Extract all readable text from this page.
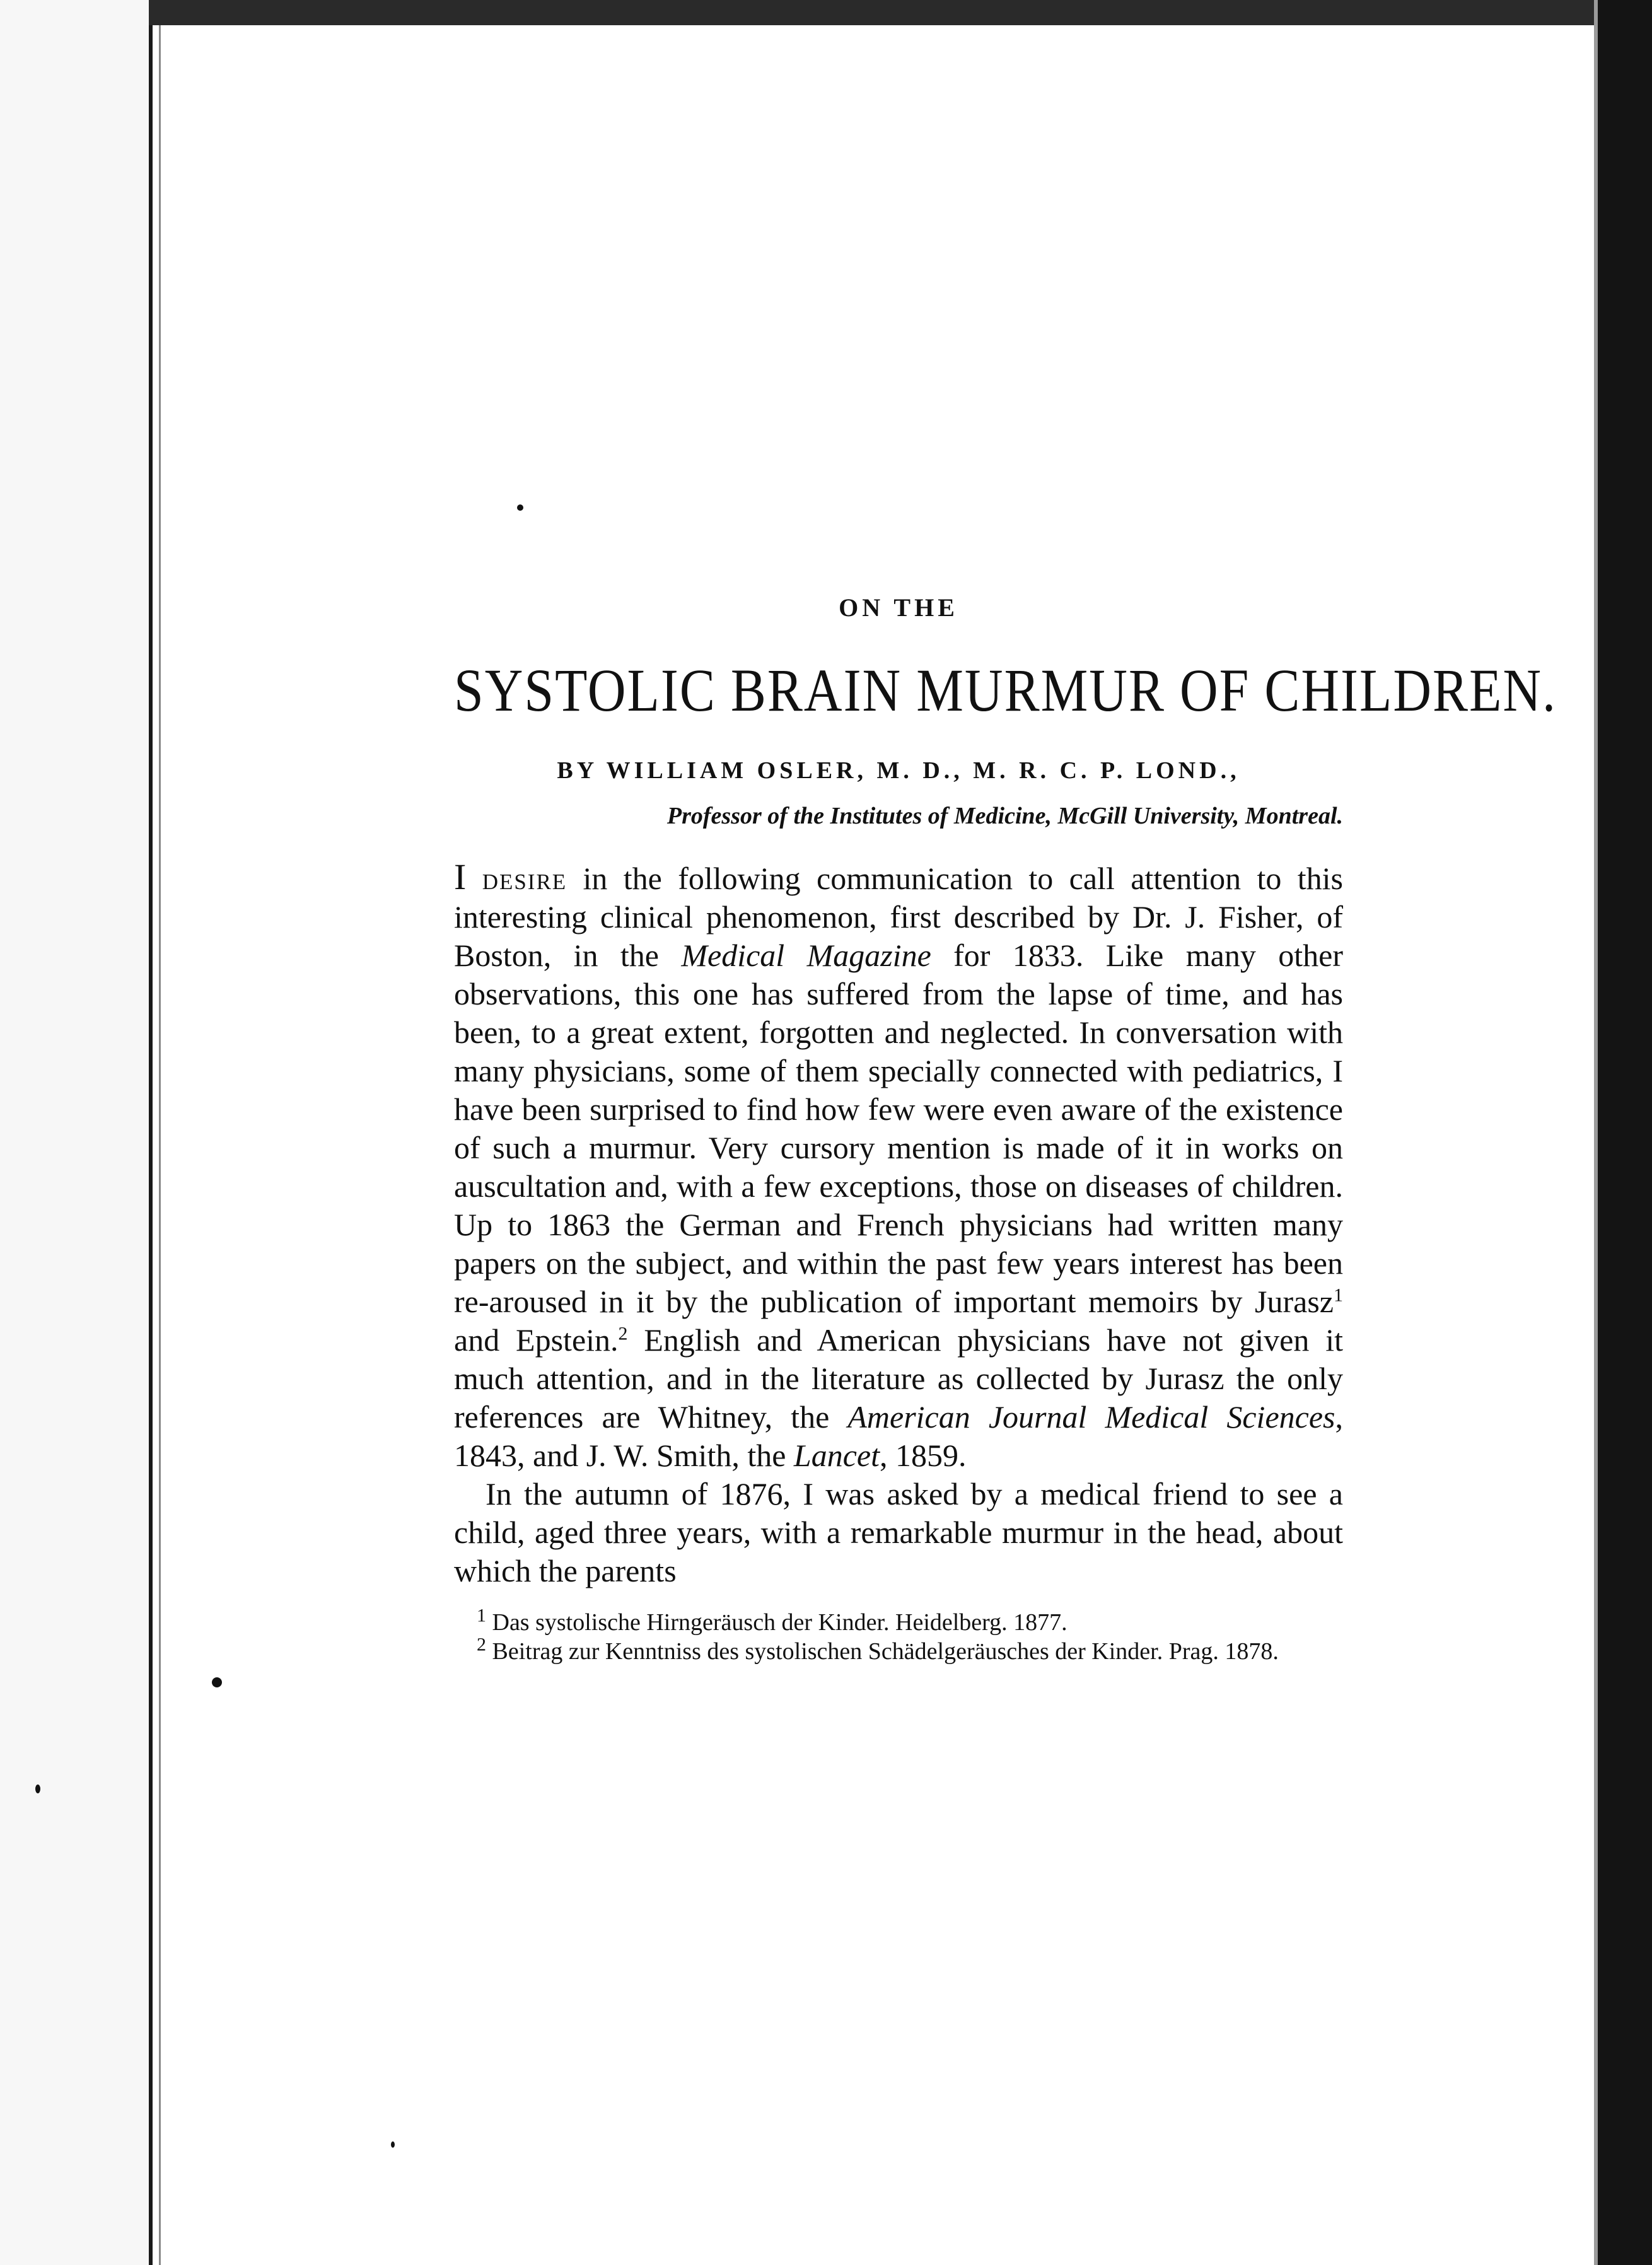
ON THE
SYSTOLIC BRAIN MURMUR OF CHILDREN.
BY WILLIAM OSLER, M. D., M. R. C. P. LOND.,
Professor of the Institutes of Medicine, McGill University, Montreal.

I desire in the following communication to call attention to this interesting clinical phenomenon, first described by Dr. J. Fisher, of Boston, in the Medical Magazine for 1833. Like many other observations, this one has suffered from the lapse of time, and has been, to a great extent, forgotten and neglected. In conversation with many physicians, some of them specially connected with pediatrics, I have been surprised to find how few were even aware of the existence of such a murmur. Very cursory mention is made of it in works on auscultation and, with a few exceptions, those on diseases of children. Up to 1863 the German and French physicians had written many papers on the subject, and within the past few years interest has been re-aroused in it by the publication of important memoirs by Jurasz$^1$ and Epstein.$^2$ English and American physicians have not given it much attention, and in the literature as collected by Jurasz the only references are Whitney, the American Journal Medical Sciences, 1843, and J. W. Smith, the Lancet, 1859.

In the autumn of 1876, I was asked by a medical friend to see a child, aged three years, with a remarkable murmur in the head, about which the parents

$^1$ Das systolische Hirngeräusch der Kinder. Heidelberg. 1877.

$^2$ Beitrag zur Kenntniss des systolischen Schädelgeräusches der Kinder. Prag. 1878.
